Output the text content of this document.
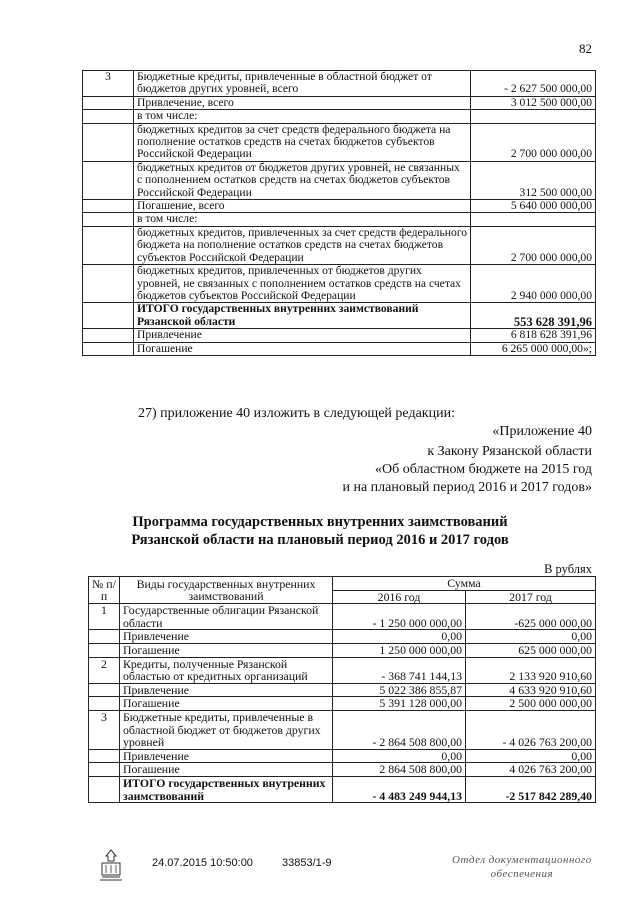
82
3	Бюджетные кредиты, привлеченные в областной бюджет от бюджетов других уровней, всего	- 2 627 500 000,00
	Привлечение, всего	3 012 500 000,00
	в том числе:	
	бюджетных кредитов за счет средств федерального бюджета на пополнение остатков средств на счетах бюджетов субъектов Российской Федерации	2 700 000 000,00
	бюджетных кредитов от бюджетов других уровней, не связанных с пополнением остатков средств на счетах бюджетов субъектов Российской Федерации	312 500 000,00
	Погашение, всего	5 640 000 000,00
	в том числе:	
	бюджетных кредитов, привлеченных за счет средств федерального бюджета на пополнение остатков средств на счетах бюджетов субъектов Российской Федерации	2 700 000 000,00
	бюджетных кредитов, привлеченных от бюджетов других уровней, не связанных с пополнением остатков средств на счетах бюджетов субъектов Российской Федерации	2 940 000 000,00
	ИТОГО государственных внутренних заимствований Рязанской области	553 628 391,96
	Привлечение	6 818 628 391,96
	Погашение	6 265 000 000,00»;
27) приложение 40 изложить в следующей редакции:
«Приложение 40
к Закону Рязанской области
«Об областном бюджете на 2015 год
и на плановый период 2016 и 2017 годов»
Программа государственных внутренних заимствований
Рязанской области на плановый период 2016 и 2017 годов
В рублях
№ п/п	Виды государственных внутренних заимствований	Сумма	
		2016 год	2017 год
1	Государственные облигации Рязанской области	- 1 250 000 000,00	-625 000 000,00
	Привлечение	0,00	0,00
	Погашение	1 250 000 000,00	625 000 000,00
2	Кредиты, полученные Рязанской областью от кредитных организаций	- 368 741 144,13	2 133 920 910,60
	Привлечение	5 022 386 855,87	4 633 920 910,60
	Погашение	5 391 128 000,00	2 500 000 000,00
3	Бюджетные кредиты, привлеченные в областной бюджет от бюджетов других уровней	- 2 864 508 800,00	- 4 026 763 200,00
	Привлечение	0,00	0,00
	Погашение	2 864 508 800,00	4 026 763 200,00
	ИТОГО государственных внутренних заимствований	- 4 483 249 944,13	-2 517 842 289,40
24.07.2015 10:50:00	33853/1-9	Отдел документационного
обеспечения
